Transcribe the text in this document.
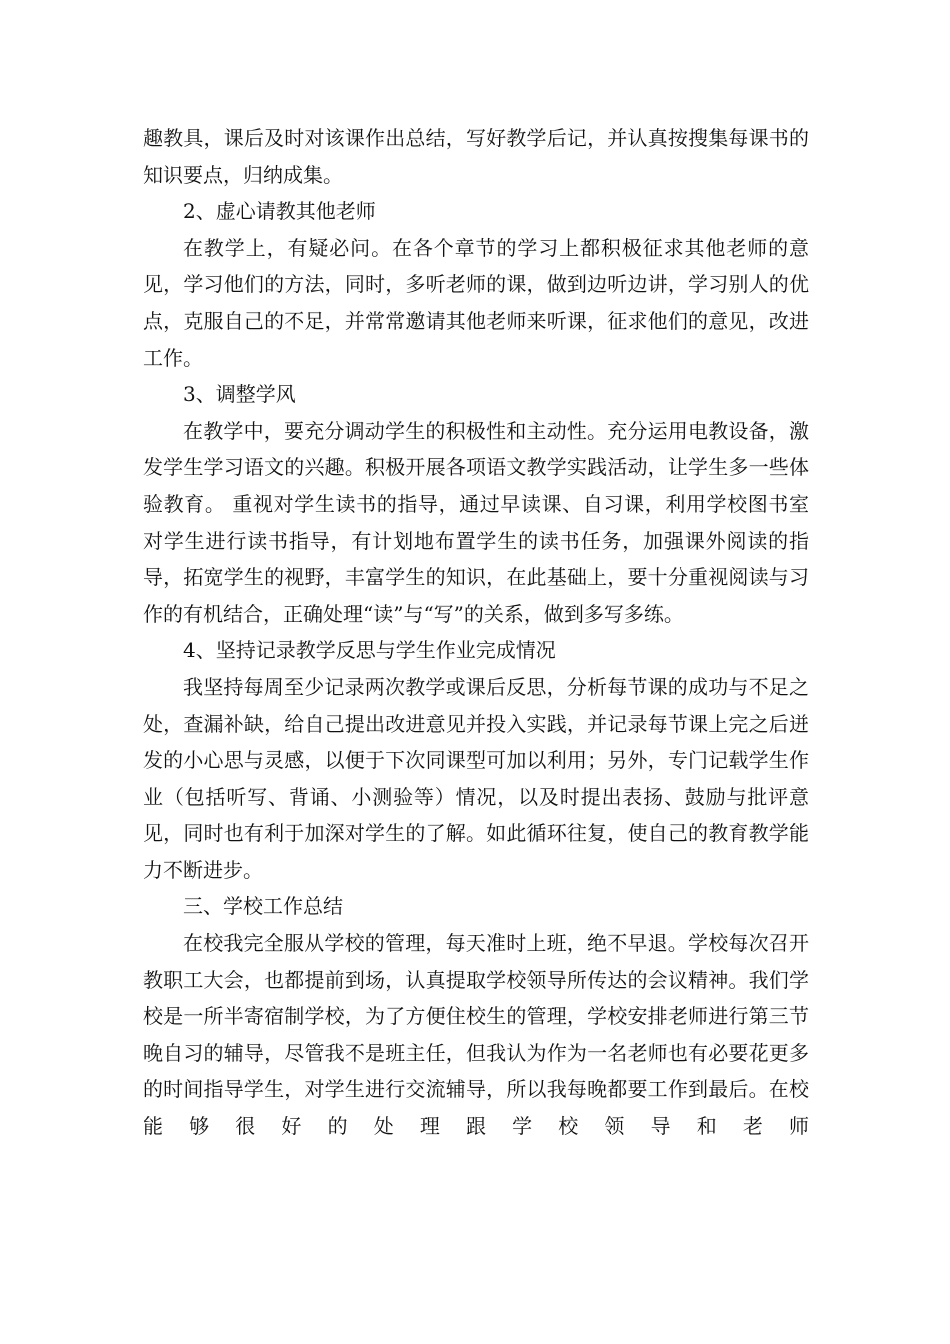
趣教具，课后及时对该课作出总结，写好教学后记，并认真按搜集每课书的知识要点，归纳成集。

2、虚心请教其他老师

在教学上，有疑必问。在各个章节的学习上都积极征求其他老师的意见，学习他们的方法，同时，多听老师的课，做到边听边讲，学习别人的优点，克服自己的不足，并常常邀请其他老师来听课，征求他们的意见，改进工作。

3、调整学风

在教学中，要充分调动学生的积极性和主动性。充分运用电教设备，激发学生学习语文的兴趣。积极开展各项语文教学实践活动，让学生多一些体验教育。 重视对学生读书的指导，通过早读课、自习课，利用学校图书室对学生进行读书指导，有计划地布置学生的读书任务，加强课外阅读的指导，拓宽学生的视野，丰富学生的知识，在此基础上，要十分重视阅读与习作的有机结合，正确处理“读”与“写”的关系，做到多写多练。

4、坚持记录教学反思与学生作业完成情况

我坚持每周至少记录两次教学或课后反思，分析每节课的成功与不足之处，查漏补缺，给自己提出改进意见并投入实践，并记录每节课上完之后迸发的小心思与灵感，以便于下次同课型可加以利用；另外，专门记载学生作业（包括听写、背诵、小测验等）情况，以及时提出表扬、鼓励与批评意见，同时也有利于加深对学生的了解。如此循环往复，使自己的教育教学能力不断进步。

三、学校工作总结

在校我完全服从学校的管理，每天准时上班，绝不早退。学校每次召开教职工大会，也都提前到场，认真提取学校领导所传达的会议精神。我们学校是一所半寄宿制学校，为了方便住校生的管理，学校安排老师进行第三节晚自习的辅导，尽管我不是班主任，但我认为作为一名老师也有必要花更多的时间指导学生，对学生进行交流辅导，所以我每晚都要工作到最后。在校能够很好的处理跟学校领导和老师
